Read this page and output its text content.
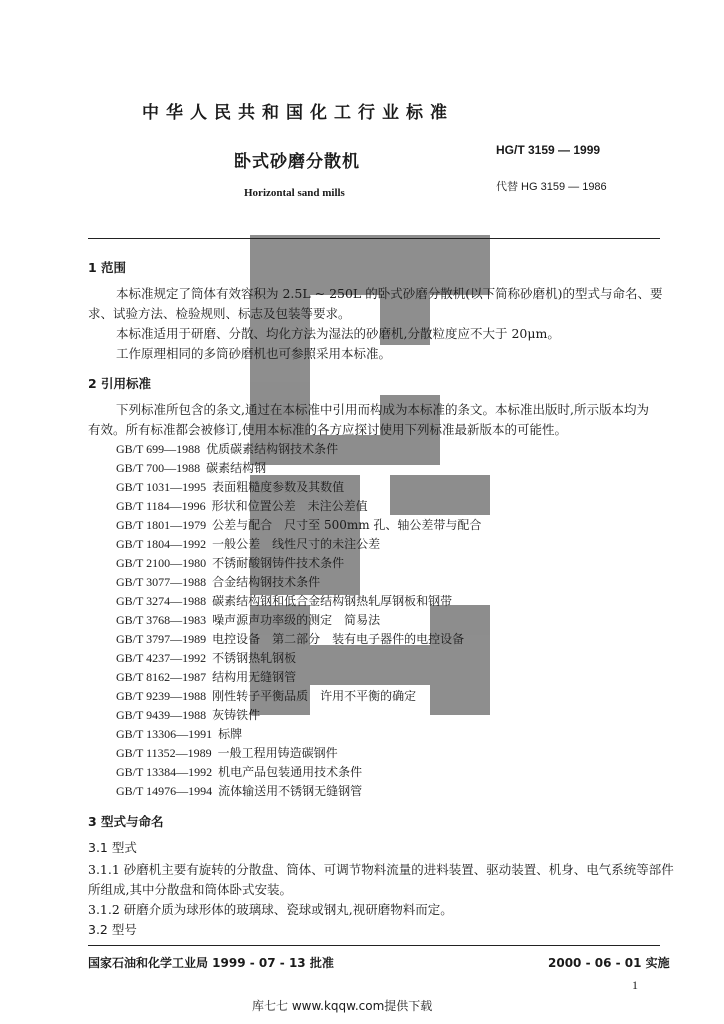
中华人民共和国化工行业标准
卧式砂磨分散机
Horizontal sand mills
HG/T 3159 — 1999
代替 HG 3159 — 1986
1 范围
本标准规定了筒体有效容积为 2.5L ~ 250L 的卧式砂磨分散机(以下简称砂磨机)的型式与命名、要
求、试验方法、检验规则、标志及包装等要求。
本标准适用于研磨、分散、均化方法为湿法的砂磨机,分散粒度应不大于 20μm。
工作原理相同的多筒砂磨机也可参照采用本标准。
2 引用标准
下列标准所包含的条文,通过在本标准中引用而构成为本标准的条文。本标准出版时,所示版本均为
有效。所有标准都会被修订,使用本标准的各方应探讨使用下列标准最新版本的可能性。
GB/T 699—1988 优质碳素结构钢技术条件
GB/T 700—1988 碳素结构钢
GB/T 1031—1995 表面粗糙度参数及其数值
GB/T 1184—1996 形状和位置公差　未注公差值
GB/T 1801—1979 公差与配合　尺寸至 500mm 孔、轴公差带与配合
GB/T 1804—1992 一般公差　线性尺寸的未注公差
GB/T 2100—1980 不锈耐酸钢铸件技术条件
GB/T 3077—1988 合金结构钢技术条件
GB/T 3274—1988 碳素结构钢和低合金结构钢热轧厚钢板和钢带
GB/T 3768—1983 噪声源声功率级的测定　简易法
GB/T 3797—1989 电控设备　第二部分　装有电子器件的电控设备
GB/T 4237—1992 不锈钢热轧钢板
GB/T 8162—1987 结构用无缝钢管
GB/T 9239—1988 刚性转子平衡品质　许用不平衡的确定
GB/T 9439—1988 灰铸铁件
GB/T 13306—1991 标牌
GB/T 11352—1989 一般工程用铸造碳钢件
GB/T 13384—1992 机电产品包装通用技术条件
GB/T 14976—1994 流体输送用不锈钢无缝钢管
3 型式与命名
3.1 型式
3.1.1 砂磨机主要有旋转的分散盘、筒体、可调节物料流量的进料装置、驱动装置、机身、电气系统等部件
所组成,其中分散盘和筒体卧式安装。
3.1.2 研磨介质为球形体的玻璃球、瓷球或钢丸,视研磨物料而定。
3.2 型号
国家石油和化学工业局 1999 - 07 - 13 批准	2000 - 06 - 01 实施
1
库七七 www.kqqw.com提供下载
